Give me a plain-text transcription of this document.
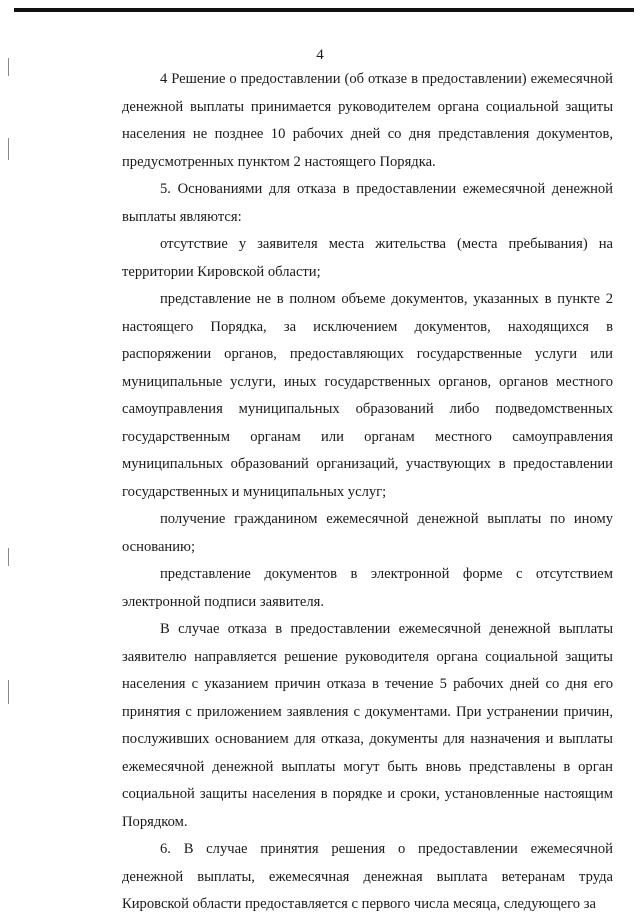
4

4 Решение о предоставлении (об отказе в предоставлении) ежемесячной денежной выплаты принимается руководителем органа социальной защиты населения не позднее 10 рабочих дней со дня представления документов, предусмотренных пунктом 2 настоящего Порядка.

5. Основаниями для отказа в предоставлении ежемесячной денежной выплаты являются:

отсутствие у заявителя места жительства (места пребывания) на территории Кировской области;

представление не в полном объеме документов, указанных в пункте 2 настоящего Порядка, за исключением документов, находящихся в распоряжении органов, предоставляющих государственные услуги или муниципальные услуги, иных государственных органов, органов местного самоуправления муниципальных образований либо подведомственных государственным органам или органам местного самоуправления муниципальных образований организаций, участвующих в предоставлении государственных и муниципальных услуг;

получение гражданином ежемесячной денежной выплаты по иному основанию;

представление документов в электронной форме с отсутствием электронной подписи заявителя.

В случае отказа в предоставлении ежемесячной денежной выплаты заявителю направляется решение руководителя органа социальной защиты населения с указанием причин отказа в течение 5 рабочих дней со дня его принятия с приложением заявления с документами. При устранении причин, послуживших основанием для отказа, документы для назначения и выплаты ежемесячной денежной выплаты могут быть вновь представлены в орган социальной защиты населения в порядке и сроки, установленные настоящим Порядком.

6. В случае принятия решения о предоставлении ежемесячной денежной выплаты, ежемесячная денежная выплата ветеранам труда Кировской области предоставляется с первого числа месяца, следующего за
